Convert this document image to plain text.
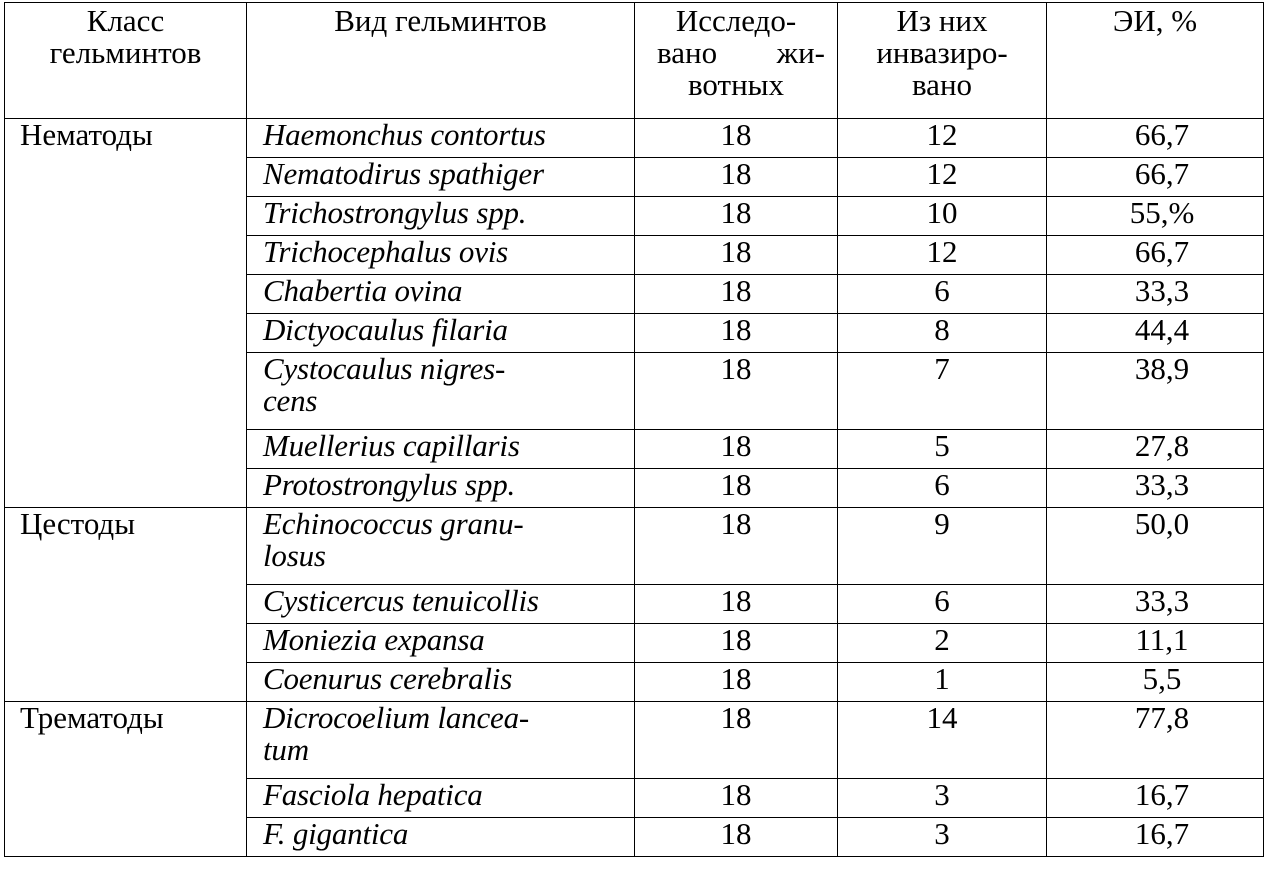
Класс
гельминтов	Вид гельминтов	Исследо-
вано жи-
вотных	Из них
инвазиро-
вано	ЭИ, %

Нематоды	Haemonchus contortus	18	12	66,7

	Nematodirus spathiger	18	12	66,7

	Trichostrongylus spp.	18	10	55,%

	Trichocephalus ovis	18	12	66,7

	Chabertia ovina	18	6	33,3

	Dictyocaulus filaria	18	8	44,4

	Cystocaulus nigres-
cens	18	7	38,9

	Muellerius capillaris	18	5	27,8

	Protostrongylus spp.	18	6	33,3
Цестоды	Echinococcus granu-
losus	18	9	50,0

	Cysticercus tenuicollis	18	6	33,3

	Moniezia expansa	18	2	11,1

	Coenurus cerebralis	18	1	5,5
Трематоды	Dicrocoelium lancea-
tum	18	14	77,8

	Fasciola hepatica	18	3	16,7

	F. gigantica	18	3	16,7
